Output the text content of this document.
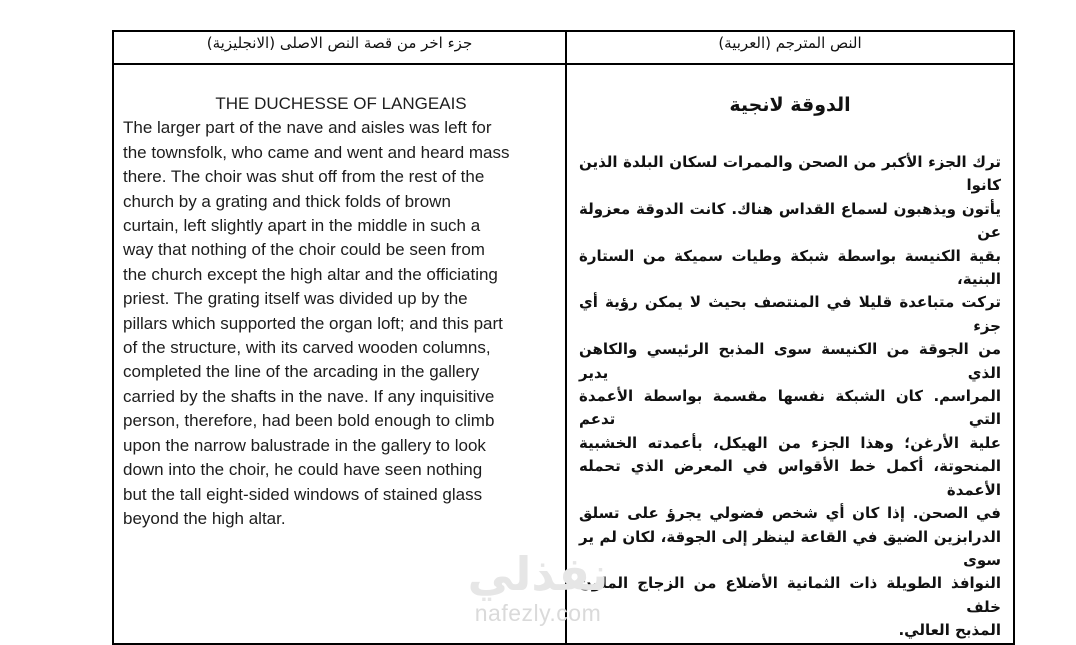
جزء اخر من قصة النص الاصلى (الانجليزية)	النص المترجم (العربية)

THE DUCHESSE OF LANGEAIS
The larger part of the nave and aisles was left for
the townsfolk, who came and went and heard mass
there. The choir was shut off from the rest of the
church by a grating and thick folds of brown
curtain, left slightly apart in the middle in such a
way that nothing of the choir could be seen from
the church except the high altar and the officiating
priest. The grating itself was divided up by the
pillars which supported the organ loft; and this part
of the structure, with its carved wooden columns,
completed the line of the arcading in the gallery
carried by the shafts in the nave. If any inquisitive
person, therefore, had been bold enough to climb
upon the narrow balustrade in the gallery to look
down into the choir, he could have seen nothing
but the tall eight-sided windows of stained glass
beyond the high altar.

الدوقة لانجية
ترك الجزء الأكبر من الصحن والممرات لسكان البلدة الذين كانوا
يأتون ويذهبون لسماع القداس هناك. كانت الدوقة معزولة عن
بقية الكنيسة بواسطة شبكة وطيات سميكة من الستارة البنية،
تركت متباعدة قليلا في المنتصف بحيث لا يمكن رؤية أي جزء
من الجوقة من الكنيسة سوى المذبح الرئيسي والكاهن الذي يدير
المراسم. كان الشبكة نفسها مقسمة بواسطة الأعمدة التي تدعم
علية الأرغن؛ وهذا الجزء من الهيكل، بأعمدته الخشبية
المنحوتة، أكمل خط الأقواس في المعرض الذي تحمله الأعمدة
في الصحن. إذا كان أي شخص فضولي يجرؤ على تسلق
الدرابزين الضيق في القاعة لينظر إلى الجوقة، لكان لم ير سوى
النوافذ الطويلة ذات الثمانية الأضلاع من الزجاج الملون خلف
المذبح العالي.
نفذلي
nafezly.com
